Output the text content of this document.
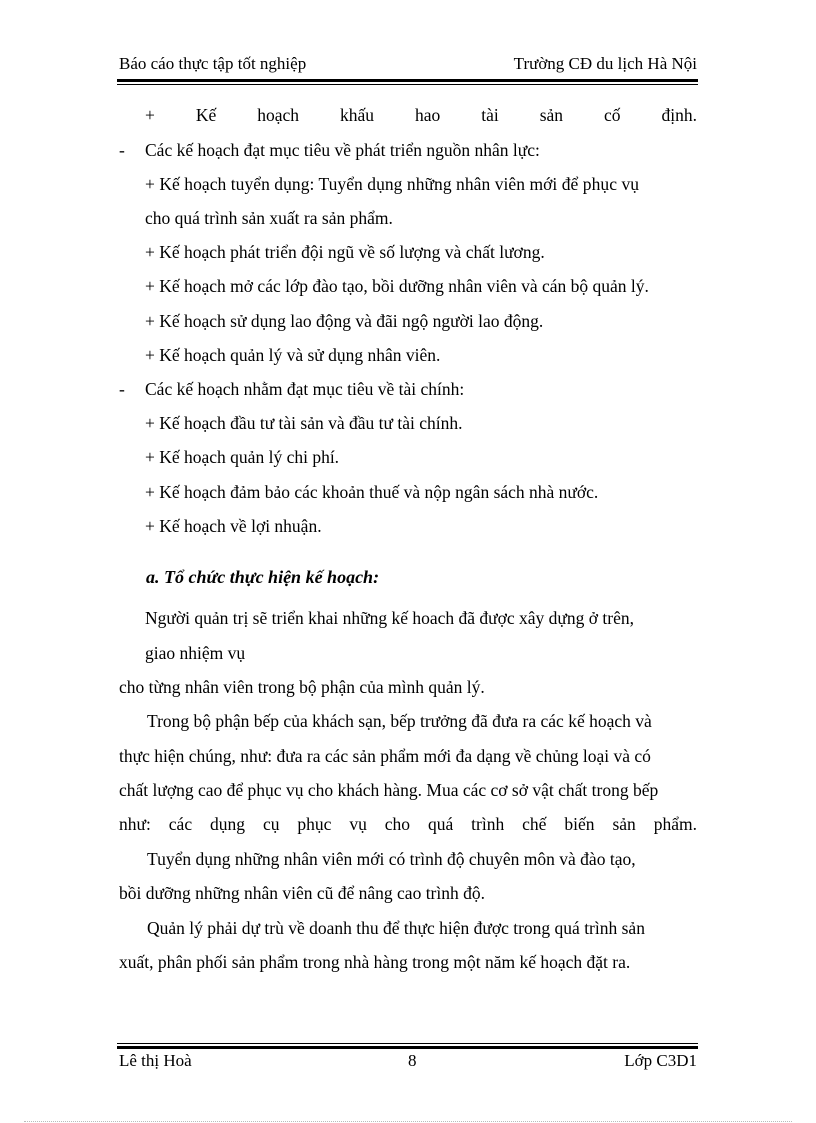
Báo cáo thực tập tốt nghiệp	Trường CĐ du lịch Hà Nội
+ Kế hoạch khấu hao tài sản cố định.
- Các kế hoạch đạt mục tiêu về phát triển nguồn nhân lực:
+ Kế hoạch tuyển dụng: Tuyển dụng những nhân viên mới để phục vụ
cho quá trình sản xuất ra sản phẩm.
+ Kế hoạch phát triển đội ngũ về số lượng và chất lương.
+ Kế hoạch mở các lớp đào tạo, bồi dưỡng nhân viên và cán bộ quản lý.
+ Kế hoạch sử dụng lao động và đãi ngộ người lao động.
+ Kế hoạch quản lý và sử dụng nhân viên.
- Các kế hoạch nhằm đạt mục tiêu về tài chính:
+ Kế hoạch đầu tư tài sản và đầu tư tài chính.
+ Kế hoạch quản lý chi phí.
+ Kế hoạch đảm bảo các khoản thuế và nộp ngân sách nhà nước.
+ Kế hoạch về lợi nhuận.
a. Tổ chức thực hiện kế hoạch:
Người quản trị sẽ triển khai những kế hoach đã được xây dựng ở trên,
giao nhiệm vụ
cho từng nhân viên trong bộ phận của mình quản lý.
Trong bộ phận bếp của khách sạn, bếp trưởng đã đưa ra các kế hoạch và
thực hiện chúng, như: đưa ra các sản phẩm mới đa dạng về chủng loại và có
chất lượng cao để phục vụ cho khách hàng. Mua các cơ sở vật chất trong bếp
như: các dụng cụ phục vụ cho quá trình chế biến sản phẩm.
Tuyển dụng những nhân viên mới có trình độ chuyên môn và đào tạo,
bồi dưỡng những nhân viên cũ để nâng cao trình độ.
Quản lý phải dự trù về doanh thu để thực hiện được trong quá trình sản
xuất, phân phối sản phẩm trong nhà hàng trong một năm kế hoạch đặt ra.
Lê thị Hoà	8	Lớp C3D1
